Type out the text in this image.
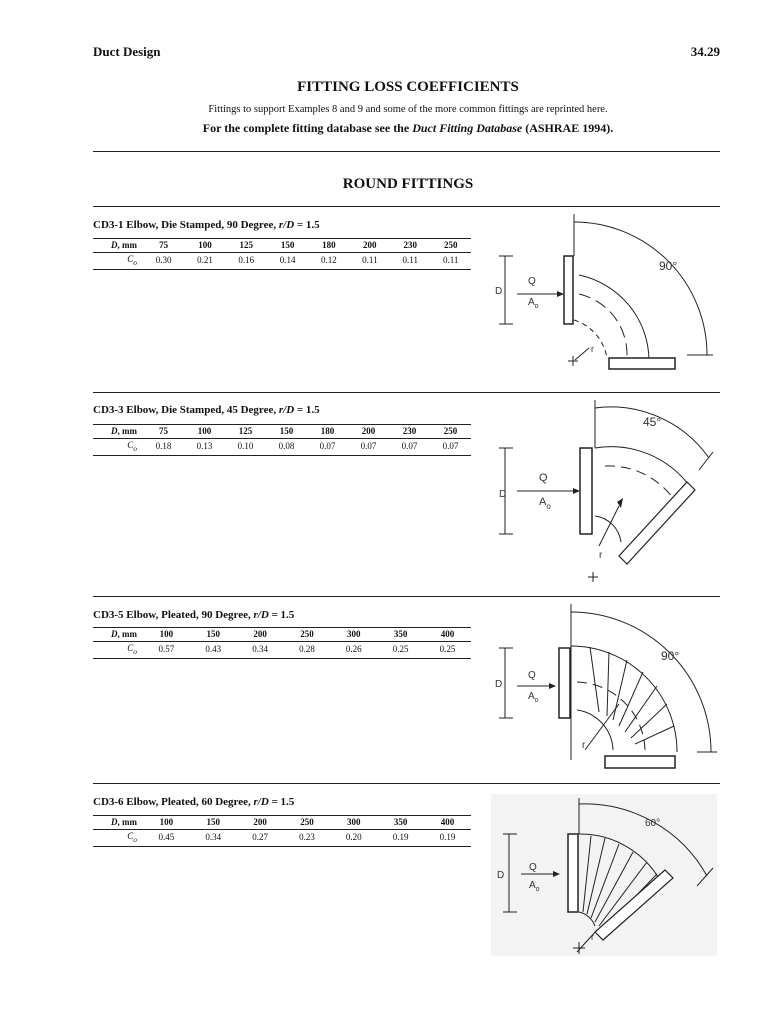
Duct Design	34.29
FITTING LOSS COEFFICIENTS
Fittings to support Examples 8 and 9 and some of the more common fittings are reprinted here.
For the complete fitting database see the Duct Fitting Database (ASHRAE 1994).
ROUND FITTINGS
CD3-1 Elbow, Die Stamped, 90 Degree, r/D = 1.5
D, mm	75	100	125	150	180	200	230	250
$C_o$	0.30	0.21	0.16	0.14	0.12	0.11	0.11	0.11	90°
D
Q
$A_o$
r
CD3-3 Elbow, Die Stamped, 45 Degree, r/D = 1.5
D, mm	75	100	125	150	180	200	230	250
$C_o$	0.18	0.13	0.10	0.08	0.07	0.07	0.07	0.07
45°
D
Q
$A_o$
r
CD3-5 Elbow, Pleated, 90 Degree, r/D = 1.5
D, mm	100	150	200	250	300	350	400
$C_o$	0.57	0.43	0.34	0.28	0.26	0.25	0.25	90°
D
Q
$A_o$
r
CD3-6 Elbow, Pleated, 60 Degree, r/D = 1.5
D, mm	100	150	200	250	300	350	400
$C_o$	0.45	0.34	0.27	0.23	0.20	0.19	0.19
60°
D
Q
$A_o$
r
